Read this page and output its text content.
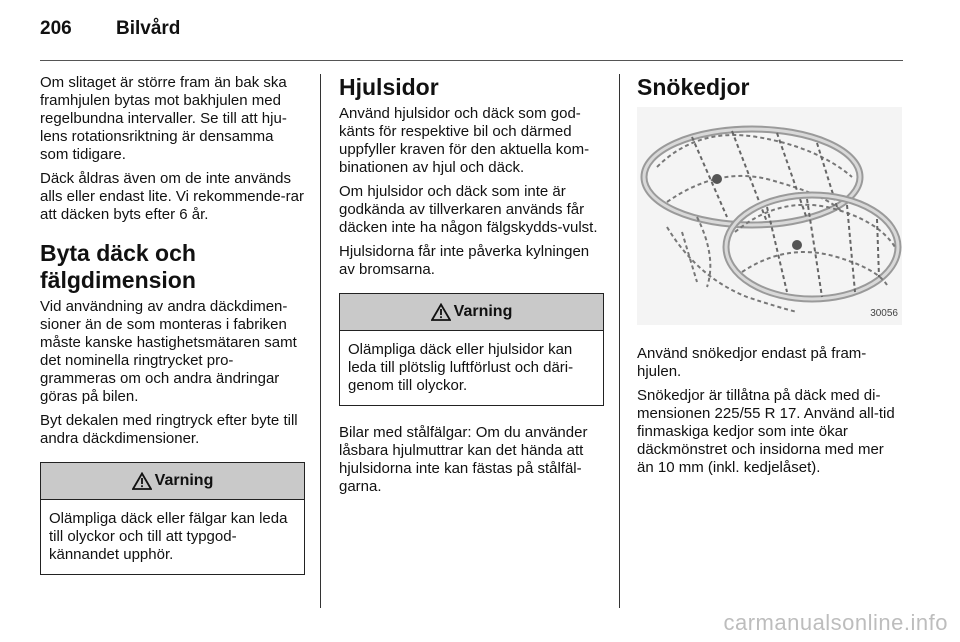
206	Bilvård

Om slitaget är större fram än bak ska framhjulen bytas mot bakhjulen med regelbundna intervaller. Se till att hju-lens rotationsriktning är densamma som tidigare.

Däck åldras även om de inte används alls eller endast lite. Vi rekommende-rar att däcken byts efter 6 år.

Byta däck och fälgdimension

Vid användning av andra däckdimen-sioner än de som monteras i fabriken måste kanske hastighetsmätaren samt det nominella ringtrycket pro-grammeras om och andra ändringar göras på bilen.

Byt dekalen med ringtryck efter byte till andra däckdimensioner.

Varning

Olämpliga däck eller fälgar kan leda till olyckor och till att typgod-kännandet upphör.

Hjulsidor

Använd hjulsidor och däck som god-känts för respektive bil och därmed uppfyller kraven för den aktuella kom-binationen av hjul och däck.

Om hjulsidor och däck som inte är godkända av tillverkaren används får däcken inte ha någon fälgskydds-vulst.

Hjulsidorna får inte påverka kylningen av bromsarna.

Varning

Olämpliga däck eller hjulsidor kan leda till plötslig luftförlust och däri-genom till olyckor.

Bilar med stålfälgar: Om du använder låsbara hjulmuttrar kan det hända att hjulsidorna inte kan fästas på stålfäl-garna.

Snökedjor
30056

Använd snökedjor endast på fram-hjulen.

Snökedjor är tillåtna på däck med di-mensionen 225/55 R 17. Använd all-tid finmaskiga kedjor som inte ökar däckmönstret och insidorna med mer än 10 mm (inkl. kedjelåset).

carmanualsonline.info
